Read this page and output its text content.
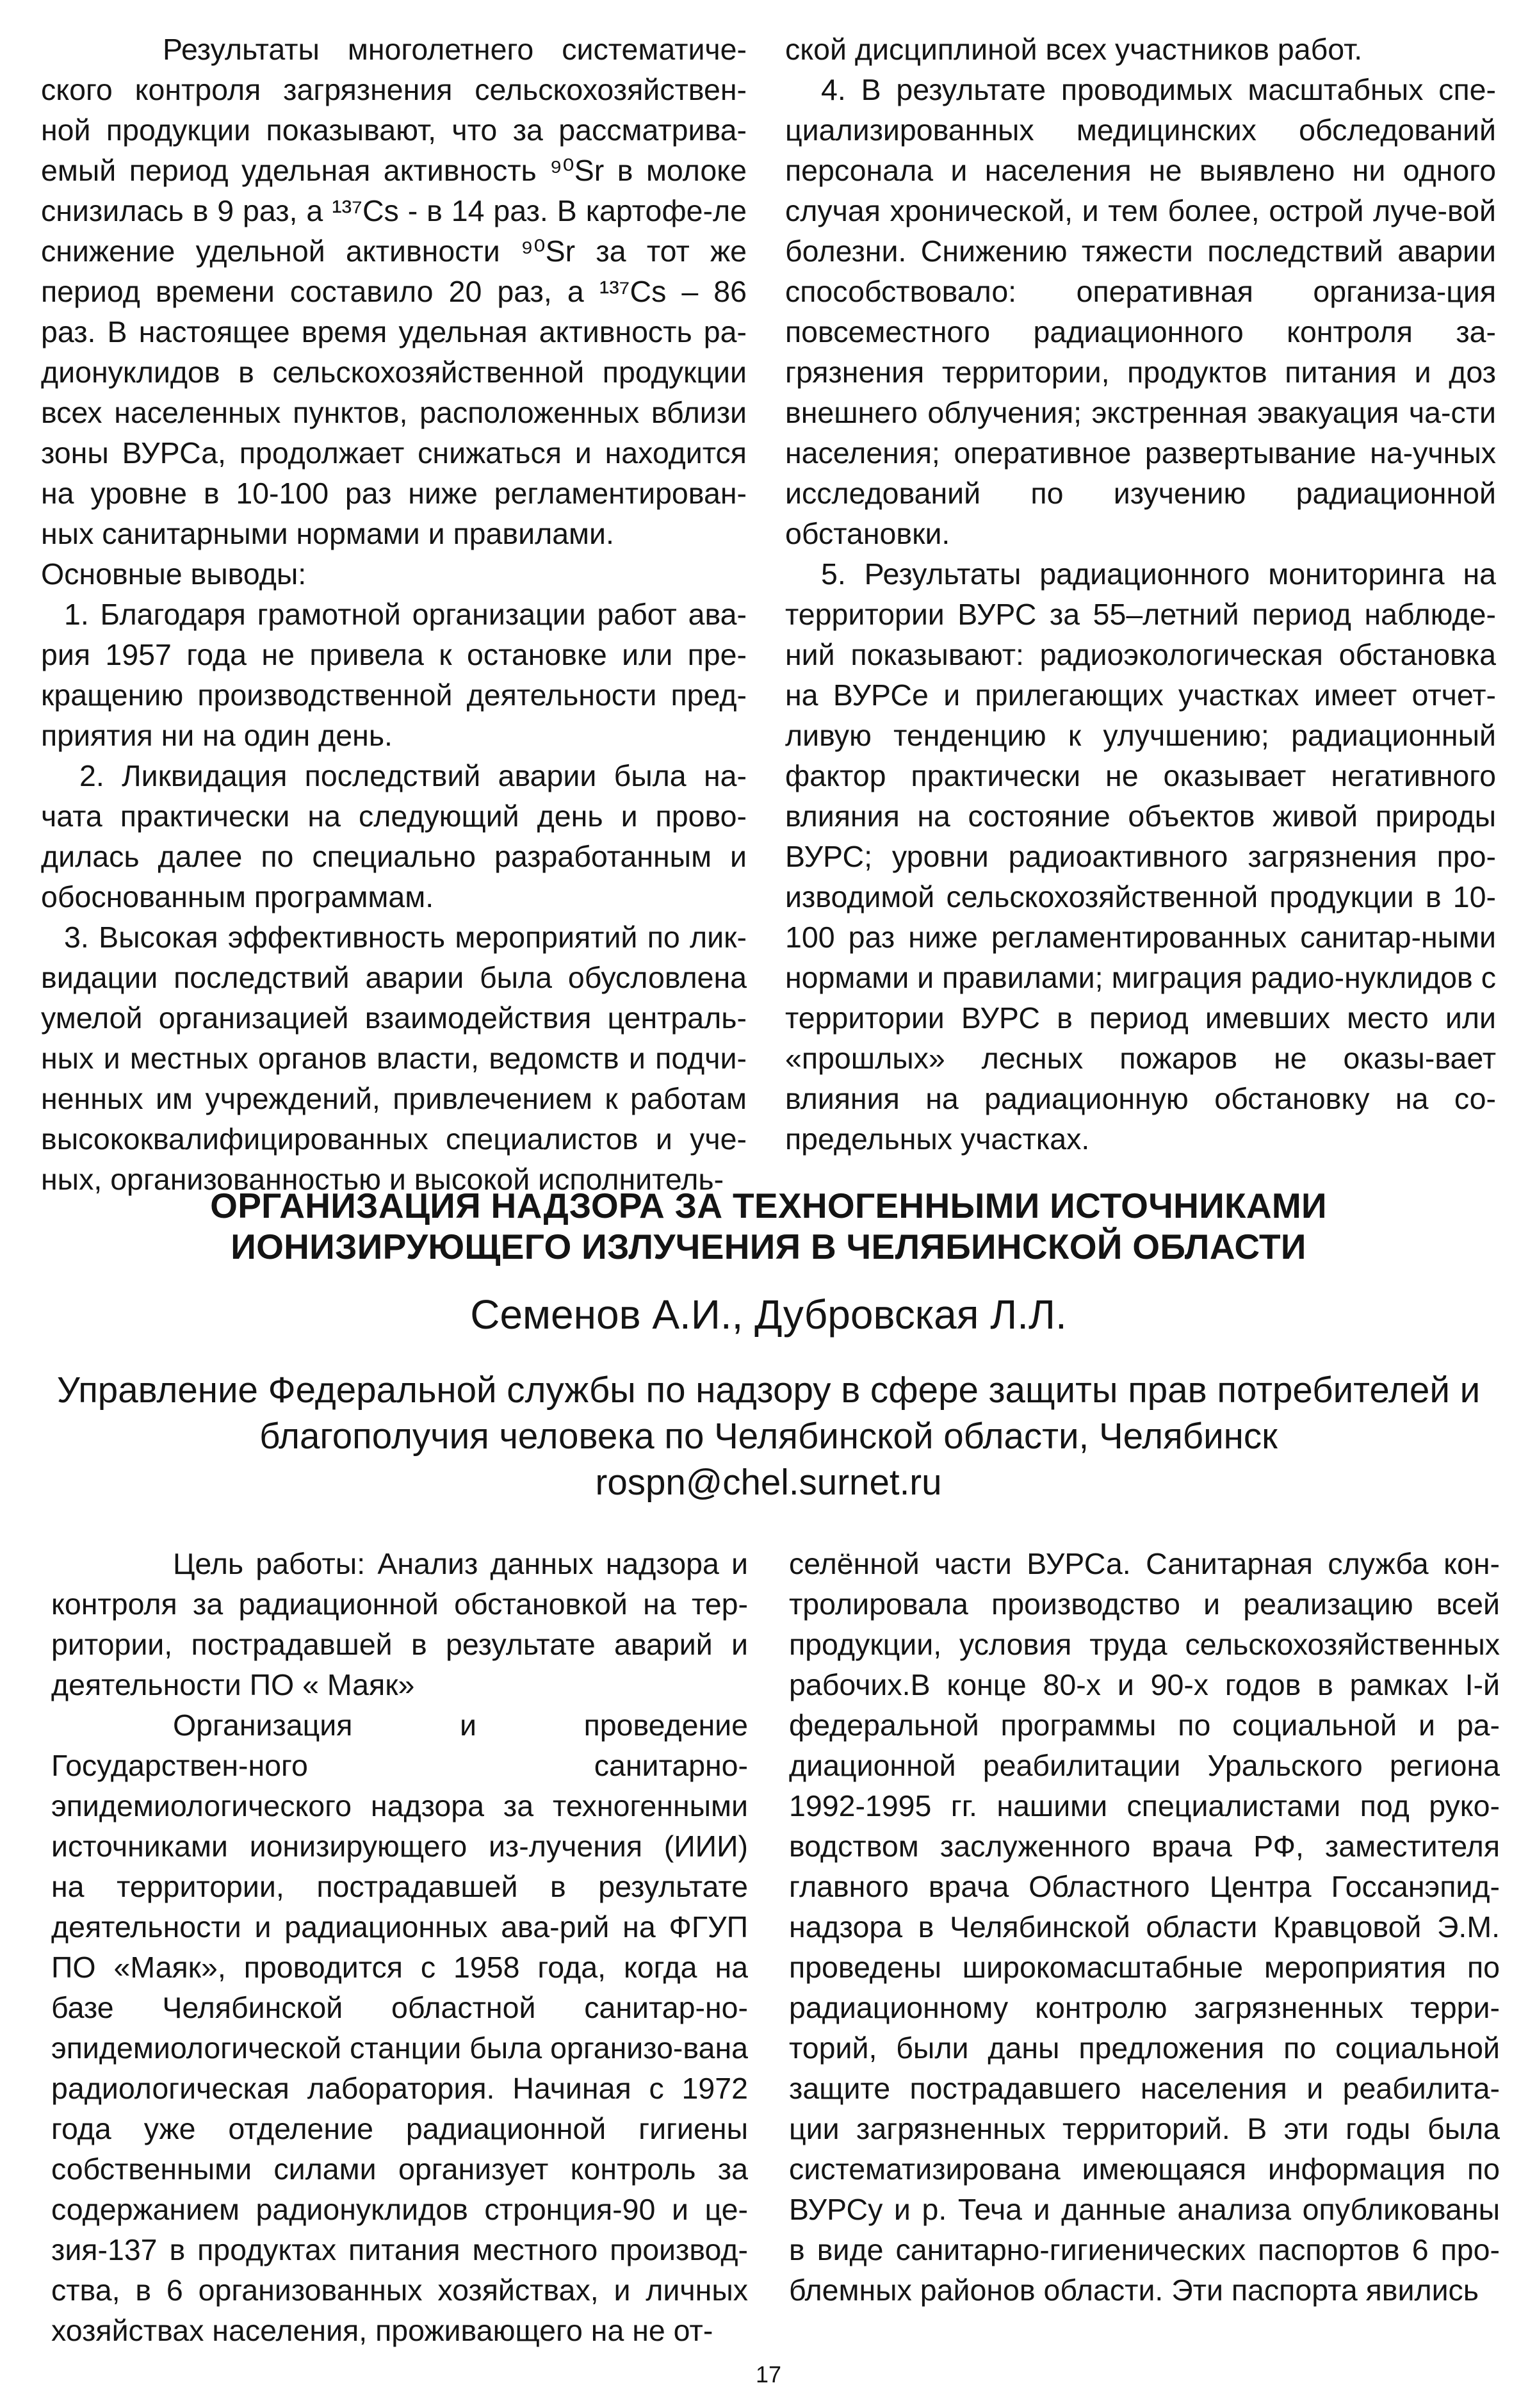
Результаты многолетнего систематиче-ского контроля загрязнения сельскохозяйствен-ной продукции показывают, что за рассматрива-емый период удельная активность ⁹⁰Sr в молоке снизилась в 9 раз, а ¹³⁷Cs - в 14 раз. В картофе-ле снижение удельной активности ⁹⁰Sr за тот же период времени составило 20 раз, а ¹³⁷Cs – 86 раз. В настоящее время удельная активность ра-дионуклидов в сельскохозяйственной продукции всех населенных пунктов, расположенных вблизи зоны ВУРСа, продолжает снижаться и находится на уровне в 10-100 раз ниже регламентирован-ных санитарными нормами и правилами.

Основные выводы:

1. Благодаря грамотной организации работ ава-рия 1957 года не привела к остановке или пре-кращению производственной деятельности пред-приятия ни на один день.

2. Ликвидация последствий аварии была на-чата практически на следующий день и прово-дилась далее по специально разработанным и обоснованным программам.

3. Высокая эффективность мероприятий по лик-видации последствий аварии была обусловлена умелой организацией взаимодействия централь-ных и местных органов власти, ведомств и подчи-ненных им учреждений, привлечением к работам высококвалифицированных специалистов и уче-ных, организованностью и высокой исполнитель-

ской дисциплиной всех участников работ.

4. В результате проводимых масштабных спе-циализированных медицинских обследований персонала и населения не выявлено ни одного случая хронической, и тем более, острой луче-вой болезни. Снижению тяжести последствий аварии способствовало: оперативная организа-ция повсеместного радиационного контроля за-грязнения территории, продуктов питания и доз внешнего облучения; экстренная эвакуация ча-сти населения; оперативное развертывание на-учных исследований по изучению радиационной обстановки.

5. Результаты радиационного мониторинга на территории ВУРС за 55–летний период наблюде-ний показывают: радиоэкологическая обстановка на ВУРСе и прилегающих участках имеет отчет-ливую тенденцию к улучшению; радиационный фактор практически не оказывает негативного влияния на состояние объектов живой природы ВУРС; уровни радиоактивного загрязнения про-изводимой сельскохозяйственной продукции в 10-100 раз ниже регламентированных санитар-ными нормами и правилами; миграция радио-нуклидов с территории ВУРС в период имевших место или «прошлых» лесных пожаров не оказы-вает влияния на радиационную обстановку на со-предельных участках.

ОРГАНИЗАЦИЯ НАДЗОРА ЗА ТЕХНОГЕННЫМИ ИСТОЧНИКАМИ
ИОНИЗИРУЮЩЕГО ИЗЛУЧЕНИЯ В ЧЕЛЯБИНСКОЙ ОБЛАСТИ
Семенов А.И., Дубровская Л.Л.
Управление Федеральной службы по надзору в сфере защиты прав потребителей и
благополучия человека по Челябинской области, Челябинск
rospn@chel.surnet.ru

Цель работы: Анализ данных надзора и контроля за радиационной обстановкой на тер-ритории, пострадавшей в результате аварий и деятельности ПО « Маяк»

Организация и проведение Государствен-ного санитарно-эпидемиологического надзора за техногенными источниками ионизирующего из-лучения (ИИИ) на территории, пострадавшей в результате деятельности и радиационных ава-рий на ФГУП ПО «Маяк», проводится с 1958 года, когда на базе Челябинской областной санитар-но-эпидемиологической станции была организо-вана радиологическая лаборатория. Начиная с 1972 года уже отделение радиационной гигиены собственными силами организует контроль за содержанием радионуклидов стронция-90 и це-зия-137 в продуктах питания местного производ-ства, в 6 организованных хозяйствах, и личных хозяйствах населения, проживающего на не от-

селённой части ВУРСа. Санитарная служба кон-тролировала производство и реализацию всей продукции, условия труда сельскохозяйственных рабочих.В конце 80-х и 90-х годов в рамках I-й федеральной программы по социальной и ра-диационной реабилитации Уральского региона 1992-1995 гг. нашими специалистами под руко-водством заслуженного врача РФ, заместителя главного врача Областного Центра Госсанэпид-надзора в Челябинской области Кравцовой Э.М. проведены широкомасштабные мероприятия по радиационному контролю загрязненных терри-торий, были даны предложения по социальной защите пострадавшего населения и реабилита-ции загрязненных территорий. В эти годы была систематизирована имеющаяся информация по ВУРСу и р. Теча и данные анализа опубликованы в виде санитарно-гигиенических паспортов 6 про-блемных районов области. Эти паспорта явились

17
